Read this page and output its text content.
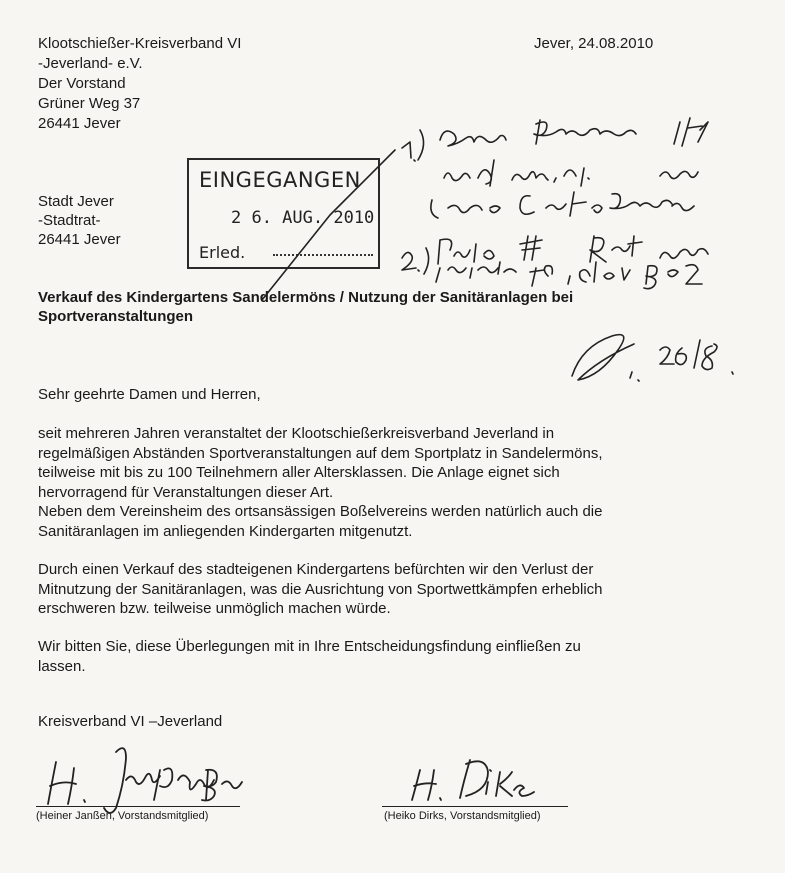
Klootschießer-Kreisverband VI
-Jeverland- e.V.
Der Vorstand
Grüner Weg 37
26441 Jever
Jever, 24.08.2010
Stadt Jever
-Stadtrat-
26441 Jever
EINGEGANGEN
2 6. AUG. 2010
Erled.
Verkauf des Kindergartens Sandelermöns / Nutzung der Sanitäranlagen bei
Sportveranstaltungen
Sehr geehrte Damen und Herren,
seit mehreren Jahren veranstaltet der Klootschießerkreisverband Jeverland in
regelmäßigen Abständen Sportveranstaltungen auf dem Sportplatz in Sandelermöns,
teilweise mit bis zu 100 Teilnehmern aller Altersklassen. Die Anlage eignet sich
hervorragend für Veranstaltungen dieser Art.
Neben dem Vereinsheim des ortsansässigen Boßelvereins werden natürlich auch die
Sanitäranlagen im anliegenden Kindergarten mitgenutzt.
Durch einen Verkauf des stadteigenen Kindergartens befürchten wir den Verlust der
Mitnutzung der Sanitäranlagen, was die Ausrichtung von Sportwettkämpfen erheblich
erschweren bzw. teilweise unmöglich machen würde.
Wir bitten Sie, diese Überlegungen mit in Ihre Entscheidungsfindung einfließen zu
lassen.
Kreisverband VI –Jeverland
(Heiner Janßen, Vorstandsmitglied)	(Heiko Dirks, Vorstandsmitglied)
